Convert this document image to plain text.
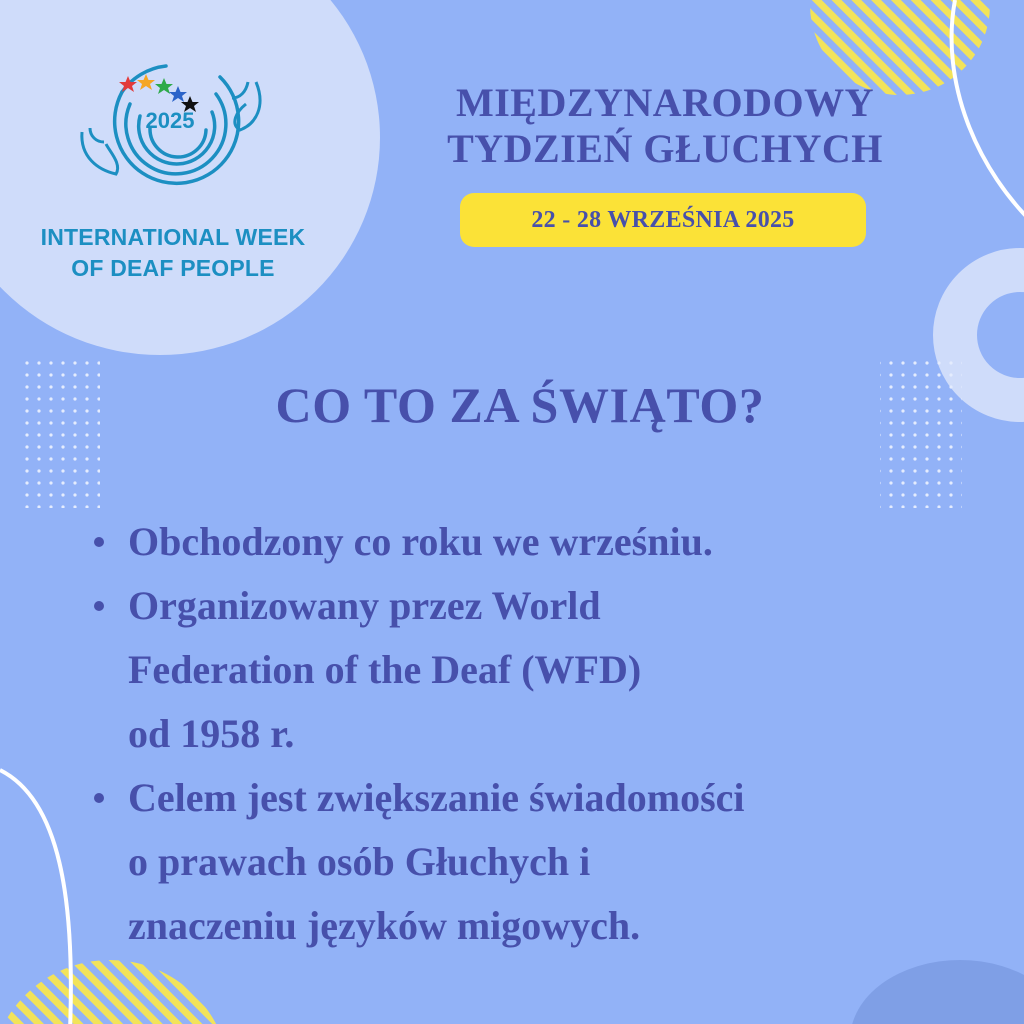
2025
INTERNATIONAL WEEK
OF DEAF PEOPLE
MIĘDZYNARODOWY
TYDZIEŃ GŁUCHYCH
22 - 28 WRZEŚNIA 2025
CO TO ZA ŚWIĄTO?
Obchodzony co roku we wrześniu.
Organizowany przez World
Federation of the Deaf (WFD)
od 1958 r.
Celem jest zwiększanie świadomości
o prawach osób Głuchych i
znaczeniu języków migowych.
